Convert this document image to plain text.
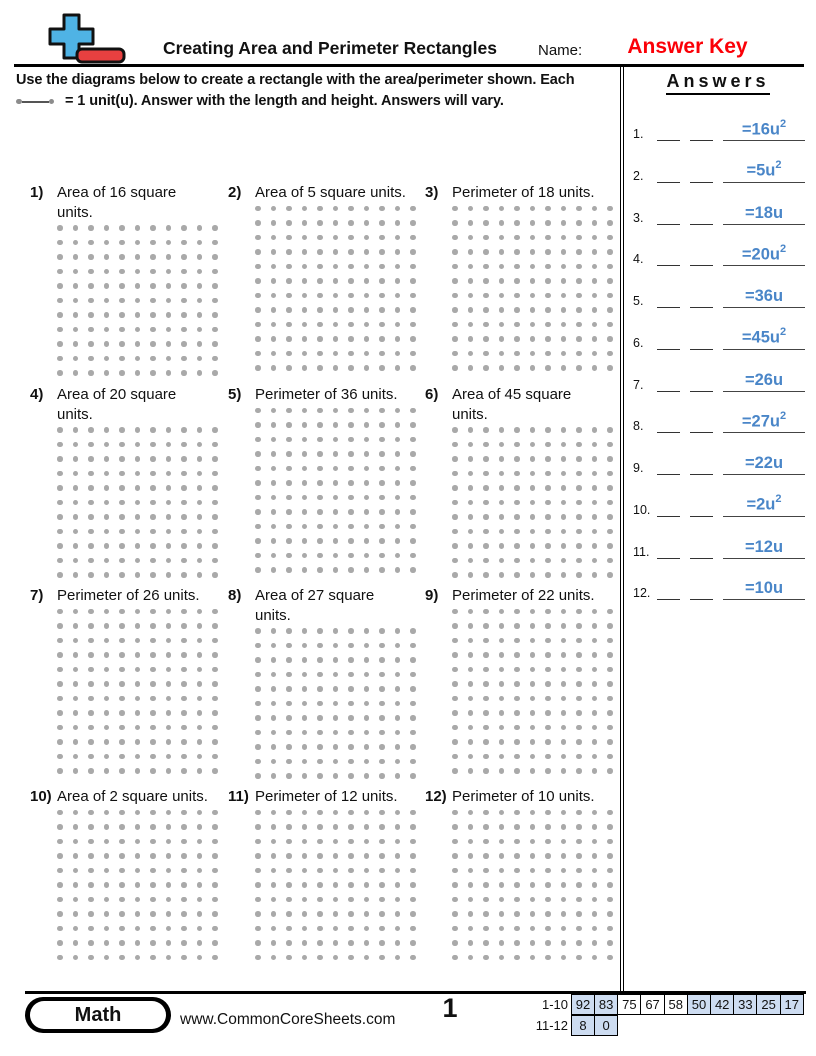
Creating Area and Perimeter Rectangles	Name:	Answer Key
Use the diagrams below to create a rectangle with the area/perimeter shown. Each
= 1 unit(u). Answer with the length and height. Answers will vary.
Answers
1.	$=16u^2$
2.	$=5u^2$
3.	=18u
4.	$=20u^2$
5.	=36u
6.	$=45u^2$
7.	=26u
8.	$=27u^2$
9.	=22u
10.	$=2u^2$
11.	=12u
12.	=10u
1) Area of 16 square
units.
2) Area of 5 square units. 3) Perimeter of 18 units.
4) Area of 20 square
units.
5) Perimeter of 36 units. 6) Area of 45 square
units.
7) Perimeter of 26 units. 8) Area of 27 square
units.
9) Perimeter of 22 units.
10) Area of 2 square units. 11) Perimeter of 12 units. 12) Perimeter of 10 units.
Math	www.CommonCoreSheets.com	1	1-10 92 83 75 67 58 50 42 33 25 17
11-12 8	0
